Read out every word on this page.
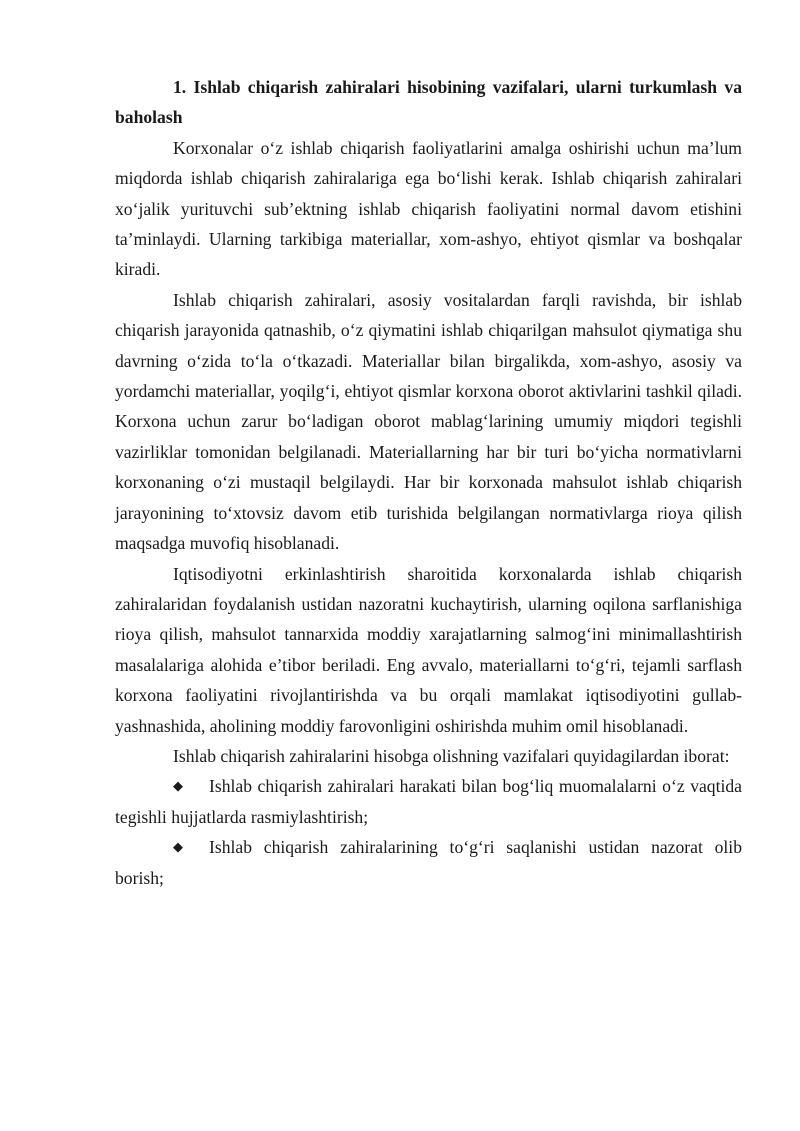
1. Ishlab chiqarish zahiralari hisobining vazifalari, ularni turkumlash va baholash

Korxonalar o‘z ishlab chiqarish faoliyatlarini amalga oshirishi uchun ma’lum miqdorda ishlab chiqarish zahiralariga ega bo‘lishi kerak. Ishlab chiqarish zahiralari xo‘jalik yurituvchi sub’ektning ishlab chiqarish faoliyatini normal davom etishini ta’minlaydi. Ularning tarkibiga materiallar, xom-ashyo, ehtiyot qismlar va boshqalar kiradi.

Ishlab chiqarish zahiralari, asosiy vositalardan farqli ravishda, bir ishlab chiqarish jarayonida qatnashib, o‘z qiymatini ishlab chiqarilgan mahsulot qiymatiga shu davrning o‘zida to‘la o‘tkazadi. Materiallar bilan birgalikda, xom-ashyo, asosiy va yordamchi materiallar, yoqilg‘i, ehtiyot qismlar korxona oborot aktivlarini tashkil qiladi. Korxona uchun zarur bo‘ladigan oborot mablag‘larining umumiy miqdori tegishli vazirliklar tomonidan belgilanadi. Materiallarning har bir turi bo‘yicha normativlarni korxonaning o‘zi mustaqil belgilaydi. Har bir korxonada mahsulot ishlab chiqarish jarayonining to‘xtovsiz davom etib turishida belgilangan normativlarga rioya qilish maqsadga muvofiq hisoblanadi.

Iqtisodiyotni erkinlashtirish sharoitida korxonalarda ishlab chiqarish zahiralaridan foydalanish ustidan nazoratni kuchaytirish, ularning oqilona sarflanishiga rioya qilish, mahsulot tannarxida moddiy xarajatlarning salmog‘ini minimallashtirish masalalariga alohida e’tibor beriladi. Eng avvalo, materiallarni to‘g‘ri, tejamli sarflash korxona faoliyatini rivojlantirishda va bu orqali mamlakat iqtisodiyotini gullab-yashnashida, aholining moddiy farovonligini oshirishda muhim omil hisoblanadi.

Ishlab chiqarish zahiralarini hisobga olishning vazifalari quyidagilardan iborat:

◆ Ishlab chiqarish zahiralari harakati bilan bog‘liq muomalalarni o‘z vaqtida tegishli hujjatlarda rasmiylashtirish;

◆ Ishlab chiqarish zahiralarining to‘g‘ri saqlanishi ustidan nazorat olib borish;
